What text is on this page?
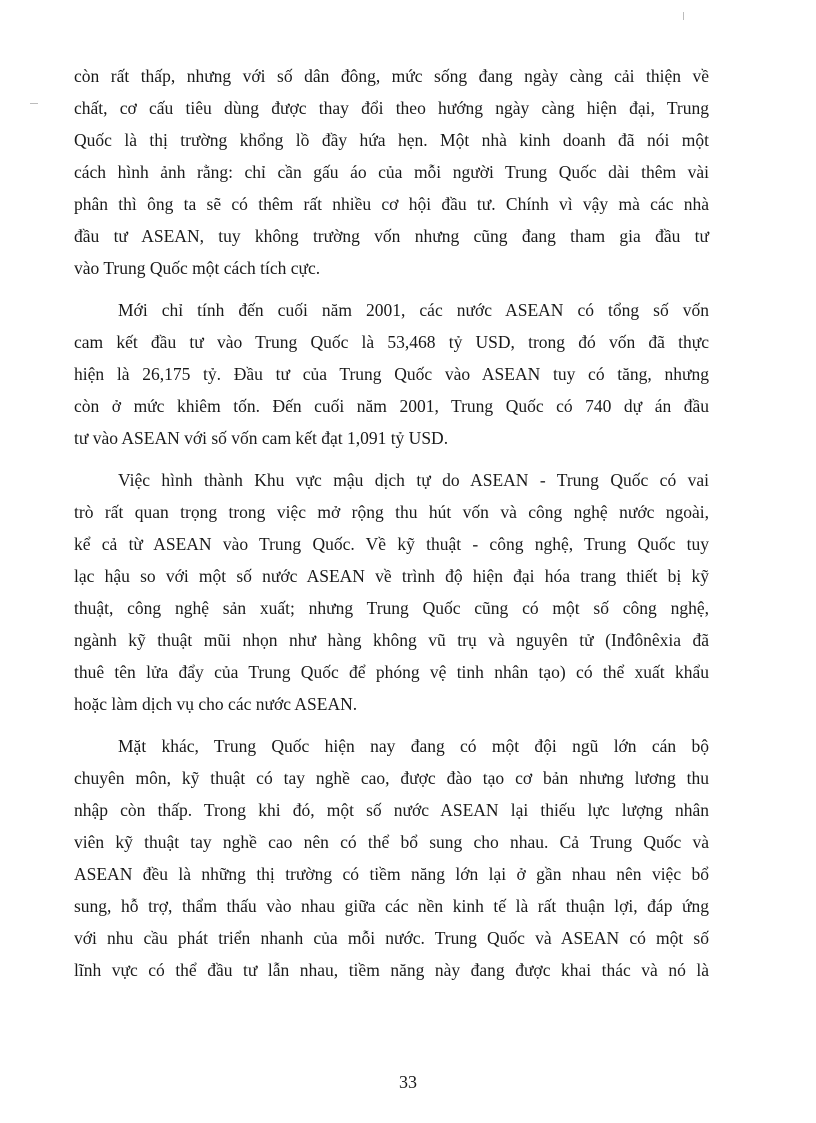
còn rất thấp, nhưng với số dân đông, mức sống đang ngày càng cải thiện về
chất, cơ cấu tiêu dùng được thay đổi theo hướng ngày càng hiện đại, Trung
Quốc là thị trường khổng lồ đầy hứa hẹn. Một nhà kinh doanh đã nói một
cách hình ảnh rằng: chỉ cần gấu áo của mỗi người Trung Quốc dài thêm vài
phân thì ông ta sẽ có thêm rất nhiều cơ hội đầu tư. Chính vì vậy mà các nhà
đầu tư ASEAN, tuy không trường vốn nhưng cũng đang tham gia đầu tư
vào Trung Quốc một cách tích cực.
Mới chỉ tính đến cuối năm 2001, các nước ASEAN có tổng số vốn
cam kết đầu tư vào Trung Quốc là 53,468 tỷ USD, trong đó vốn đã thực
hiện là 26,175 tỷ. Đầu tư của Trung Quốc vào ASEAN tuy có tăng, nhưng
còn ở mức khiêm tốn. Đến cuối năm 2001, Trung Quốc có 740 dự án đầu
tư vào ASEAN với số vốn cam kết đạt 1,091 tỷ USD.
Việc hình thành Khu vực mậu dịch tự do ASEAN - Trung Quốc có vai
trò rất quan trọng trong việc mở rộng thu hút vốn và công nghệ nước ngoài,
kể cả từ ASEAN vào Trung Quốc. Về kỹ thuật - công nghệ, Trung Quốc tuy
lạc hậu so với một số nước ASEAN về trình độ hiện đại hóa trang thiết bị kỹ
thuật, công nghệ sản xuất; nhưng Trung Quốc cũng có một số công nghệ,
ngành kỹ thuật mũi nhọn như hàng không vũ trụ và nguyên tử (Inđônêxia đã
thuê tên lửa đẩy của Trung Quốc để phóng vệ tinh nhân tạo) có thể xuất khẩu
hoặc làm dịch vụ cho các nước ASEAN.
Mặt khác, Trung Quốc hiện nay đang có một đội ngũ lớn cán bộ
chuyên môn, kỹ thuật có tay nghề cao, được đào tạo cơ bản nhưng lương thu
nhập còn thấp. Trong khi đó, một số nước ASEAN lại thiếu lực lượng nhân
viên kỹ thuật tay nghề cao nên có thể bổ sung cho nhau. Cả Trung Quốc và
ASEAN đều là những thị trường có tiềm năng lớn lại ở gần nhau nên việc bổ
sung, hỗ trợ, thẩm thấu vào nhau giữa các nền kinh tế là rất thuận lợi, đáp ứng
với nhu cầu phát triển nhanh của mỗi nước. Trung Quốc và ASEAN có một số
lĩnh vực có thể đầu tư lẫn nhau, tiềm năng này đang được khai thác và nó là
33
